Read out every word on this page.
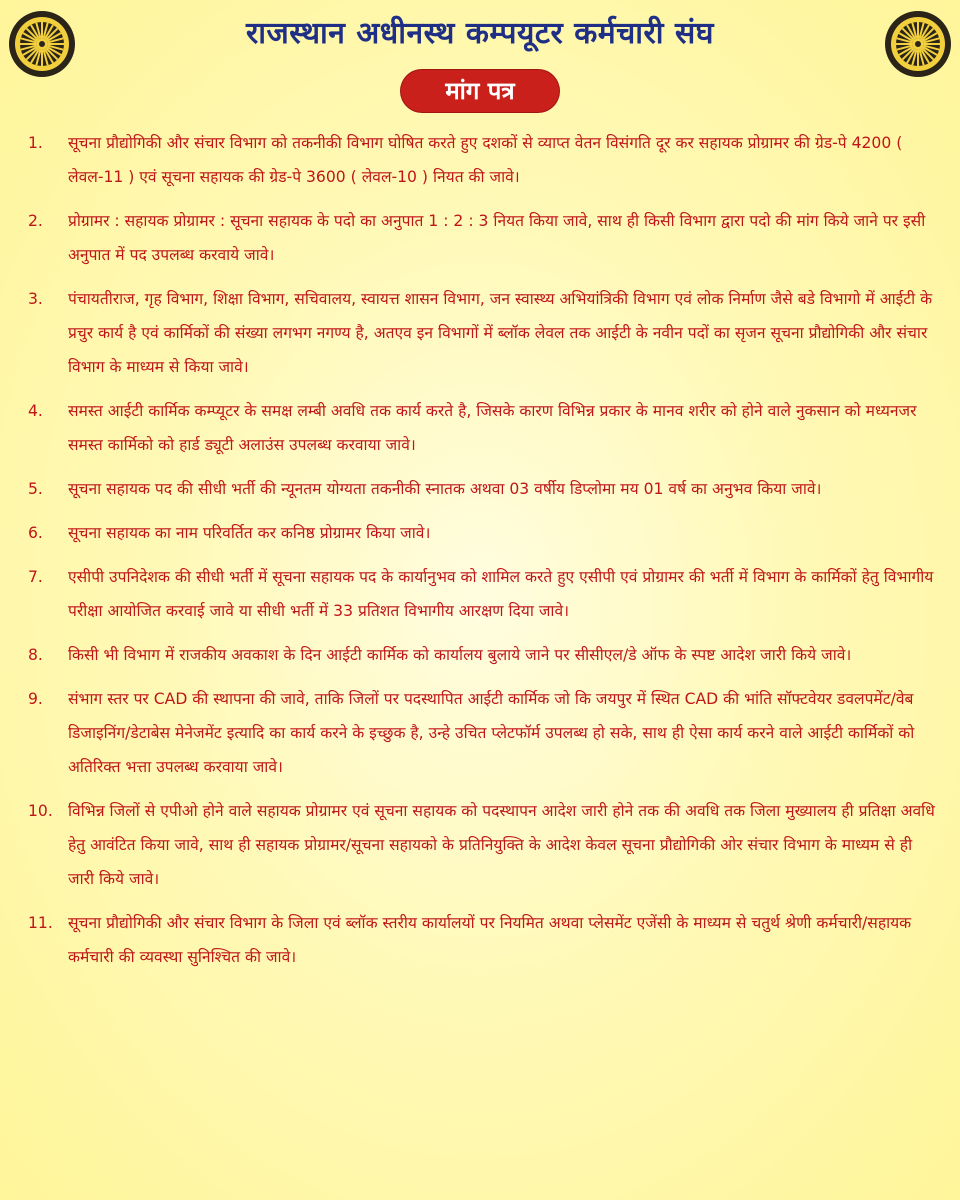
राजस्थान अधीनस्थ कम्पयूटर कर्मचारी संघ
मांग पत्र
1.	सूचना प्रौद्योगिकी और संचार विभाग को तकनीकी विभाग घोषित करते हुए दशकों से व्याप्त वेतन विसंगति दूर कर सहायक प्रोग्रामर की ग्रेड-पे 4200 ( लेवल-11 ) एवं सूचना सहायक की ग्रेड-पे 3600 ( लेवल-10 ) नियत की जावे।
2.	प्रोग्रामर : सहायक प्रोग्रामर : सूचना सहायक के पदो का अनुपात 1 : 2 : 3 नियत किया जावे, साथ ही किसी विभाग द्वारा पदो की मांग किये जाने पर इसी अनुपात में पद उपलब्ध करवाये जावे।
3.	पंचायतीराज, गृह विभाग, शिक्षा विभाग, सचिवालय, स्वायत्त शासन विभाग, जन स्वास्थ्य अभियांत्रिकी विभाग एवं लोक निर्माण जैसे बडे विभागो में आईटी के प्रचुर कार्य है एवं कार्मिकों की संख्या लगभग नगण्य है, अतएव इन विभागों में ब्लॉक लेवल तक आईटी के नवीन पदों का सृजन सूचना प्रौद्योगिकी और संचार विभाग के माध्यम से किया जावे।
4.	समस्त आईटी कार्मिक कम्प्यूटर के समक्ष लम्बी अवधि तक कार्य करते है, जिसके कारण विभिन्न प्रकार के मानव शरीर को होने वाले नुकसान को मध्यनजर समस्त कार्मिको को हार्ड ड्यूटी अलाउंस उपलब्ध करवाया जावे।
5.	सूचना सहायक पद की सीधी भर्ती की न्यूनतम योग्यता तकनीकी स्नातक अथवा 03 वर्षीय डिप्लोमा मय 01 वर्ष का अनुभव किया जावे।
6.	सूचना सहायक का नाम परिवर्तित कर कनिष्ठ प्रोग्रामर किया जावे।
7.	एसीपी उपनिदेशक की सीधी भर्ती में सूचना सहायक पद के कार्यानुभव को शामिल करते हुए एसीपी एवं प्रोग्रामर की भर्ती में विभाग के कार्मिकों हेतु विभागीय परीक्षा आयोजित करवाई जावे या सीधी भर्ती में 33 प्रतिशत विभागीय आरक्षण दिया जावे।
8.	किसी भी विभाग में राजकीय अवकाश के दिन आईटी कार्मिक को कार्यालय बुलाये जाने पर सीसीएल/डे ऑफ के स्पष्ट आदेश जारी किये जावे।
9.	संभाग स्तर पर CAD की स्थापना की जावे, ताकि जिलों पर पदस्थापित आईटी कार्मिक जो कि जयपुर में स्थित CAD की भांति सॉफ्टवेयर डवलपमेंट/वेब डिजाइनिंग/डेटाबेस मेनेजमेंट इत्यादि का कार्य करने के इच्छुक है, उन्हे उचित प्लेटफॉर्म उपलब्ध हो सके, साथ ही ऐसा कार्य करने वाले आईटी कार्मिकों को अतिरिक्त भत्ता उपलब्ध करवाया जावे।
10. विभिन्न जिलों से एपीओ होने वाले सहायक प्रोग्रामर एवं सूचना सहायक को पदस्थापन आदेश जारी होने तक की अवधि तक जिला मुख्यालय ही प्रतिक्षा अवधि हेतु आवंटित किया जावे, साथ ही सहायक प्रोग्रामर/सूचना सहायको के प्रतिनियुक्ति के आदेश केवल सूचना प्रौद्योगिकी ओर संचार विभाग के माध्यम से ही जारी किये जावे।
11. सूचना प्रौद्योगिकी और संचार विभाग के जिला एवं ब्लॉक स्तरीय कार्यालयों पर नियमित अथवा प्लेसमेंट एजेंसी के माध्यम से चतुर्थ श्रेणी कर्मचारी/सहायक कर्मचारी की व्यवस्था सुनिश्चित की जावे।
